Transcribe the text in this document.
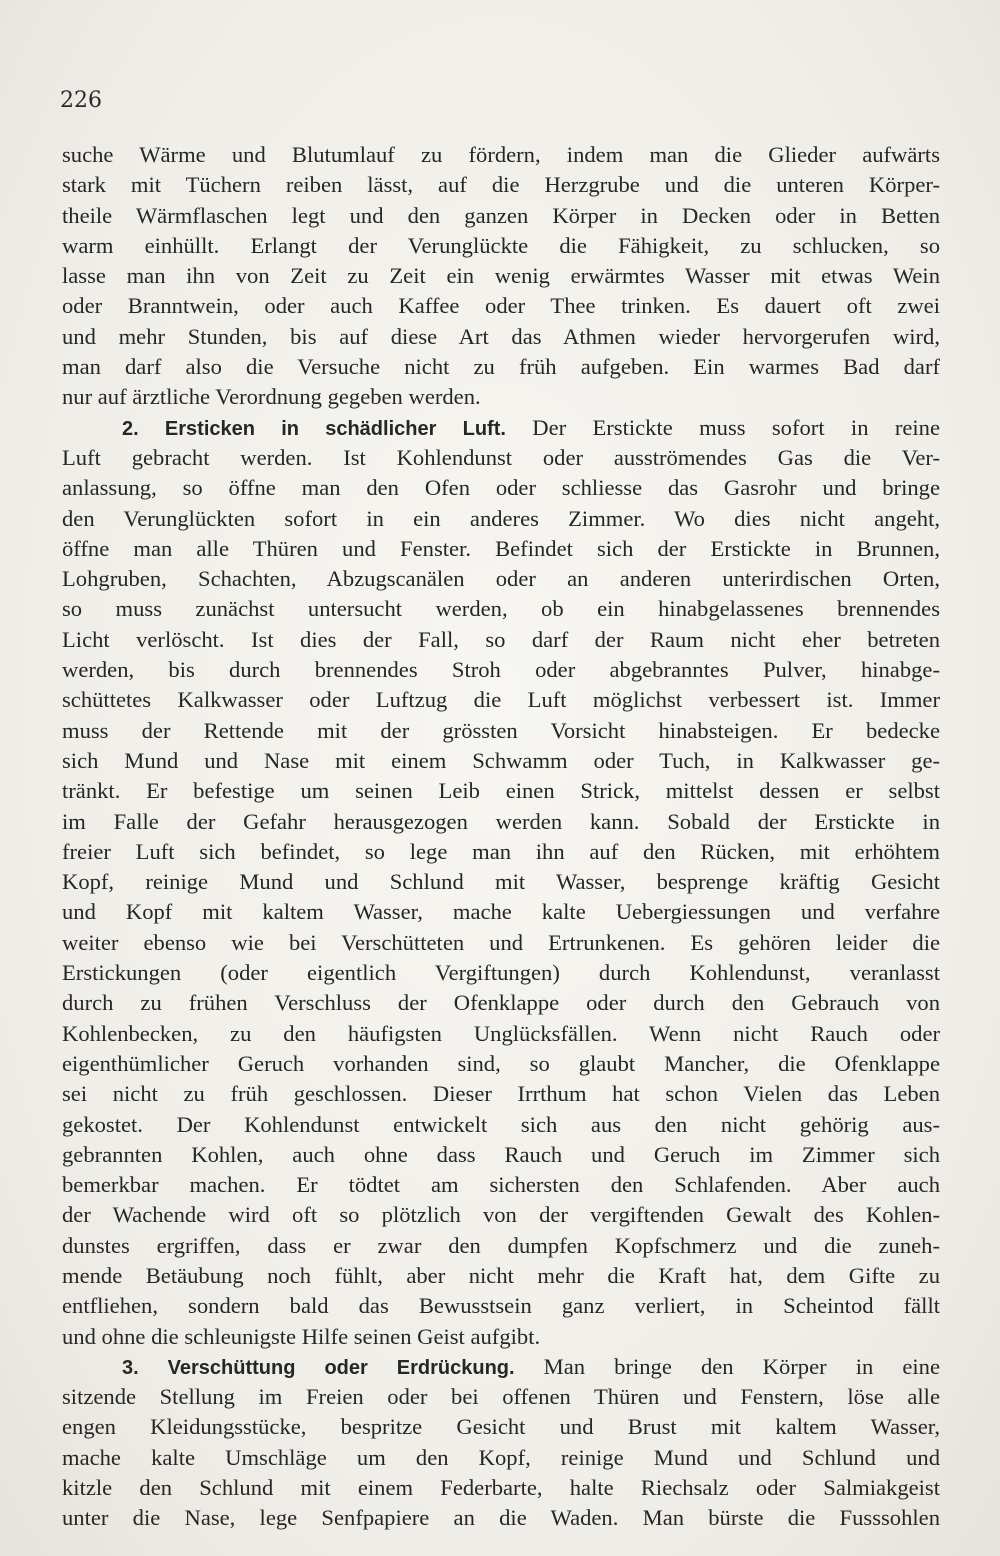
226
suche Wärme und Blutumlauf zu fördern, indem man die Glieder aufwärts
stark mit Tüchern reiben lässt, auf die Herzgrube und die unteren Körper-
theile Wärmflaschen legt und den ganzen Körper in Decken oder in Betten
warm einhüllt. Erlangt der Verunglückte die Fähigkeit, zu schlucken, so
lasse man ihn von Zeit zu Zeit ein wenig erwärmtes Wasser mit etwas Wein
oder Branntwein, oder auch Kaffee oder Thee trinken. Es dauert oft zwei
und mehr Stunden, bis auf diese Art das Athmen wieder hervorgerufen wird,
man darf also die Versuche nicht zu früh aufgeben. Ein warmes Bad darf
nur auf ärztliche Verordnung gegeben werden.
2. Ersticken in schädlicher Luft. Der Erstickte muss sofort in reine
Luft gebracht werden. Ist Kohlendunst oder ausströmendes Gas die Ver-
anlassung, so öffne man den Ofen oder schliesse das Gasrohr und bringe
den Verunglückten sofort in ein anderes Zimmer. Wo dies nicht angeht,
öffne man alle Thüren und Fenster. Befindet sich der Erstickte in Brunnen,
Lohgruben, Schachten, Abzugscanälen oder an anderen unterirdischen Orten,
so muss zunächst untersucht werden, ob ein hinabgelassenes brennendes
Licht verlöscht. Ist dies der Fall, so darf der Raum nicht eher betreten
werden, bis durch brennendes Stroh oder abgebranntes Pulver, hinabge-
schüttetes Kalkwasser oder Luftzug die Luft möglichst verbessert ist. Immer
muss der Rettende mit der grössten Vorsicht hinabsteigen. Er bedecke
sich Mund und Nase mit einem Schwamm oder Tuch, in Kalkwasser ge-
tränkt. Er befestige um seinen Leib einen Strick, mittelst dessen er selbst
im Falle der Gefahr herausgezogen werden kann. Sobald der Erstickte in
freier Luft sich befindet, so lege man ihn auf den Rücken, mit erhöhtem
Kopf, reinige Mund und Schlund mit Wasser, besprenge kräftig Gesicht
und Kopf mit kaltem Wasser, mache kalte Uebergiessungen und verfahre
weiter ebenso wie bei Verschütteten und Ertrunkenen. Es gehören leider die
Erstickungen (oder eigentlich Vergiftungen) durch Kohlendunst, veranlasst
durch zu frühen Verschluss der Ofenklappe oder durch den Gebrauch von
Kohlenbecken, zu den häufigsten Unglücksfällen. Wenn nicht Rauch oder
eigenthümlicher Geruch vorhanden sind, so glaubt Mancher, die Ofenklappe
sei nicht zu früh geschlossen. Dieser Irrthum hat schon Vielen das Leben
gekostet. Der Kohlendunst entwickelt sich aus den nicht gehörig aus-
gebrannten Kohlen, auch ohne dass Rauch und Geruch im Zimmer sich
bemerkbar machen. Er tödtet am sichersten den Schlafenden. Aber auch
der Wachende wird oft so plötzlich von der vergiftenden Gewalt des Kohlen-
dunstes ergriffen, dass er zwar den dumpfen Kopfschmerz und die zuneh-
mende Betäubung noch fühlt, aber nicht mehr die Kraft hat, dem Gifte zu
entfliehen, sondern bald das Bewusstsein ganz verliert, in Scheintod fällt
und ohne die schleunigste Hilfe seinen Geist aufgibt.
3. Verschüttung oder Erdrückung. Man bringe den Körper in eine
sitzende Stellung im Freien oder bei offenen Thüren und Fenstern, löse alle
engen Kleidungsstücke, bespritze Gesicht und Brust mit kaltem Wasser,
mache kalte Umschläge um den Kopf, reinige Mund und Schlund und
kitzle den Schlund mit einem Federbarte, halte Riechsalz oder Salmiakgeist
unter die Nase, lege Senfpapiere an die Waden. Man bürste die Fusssohlen
